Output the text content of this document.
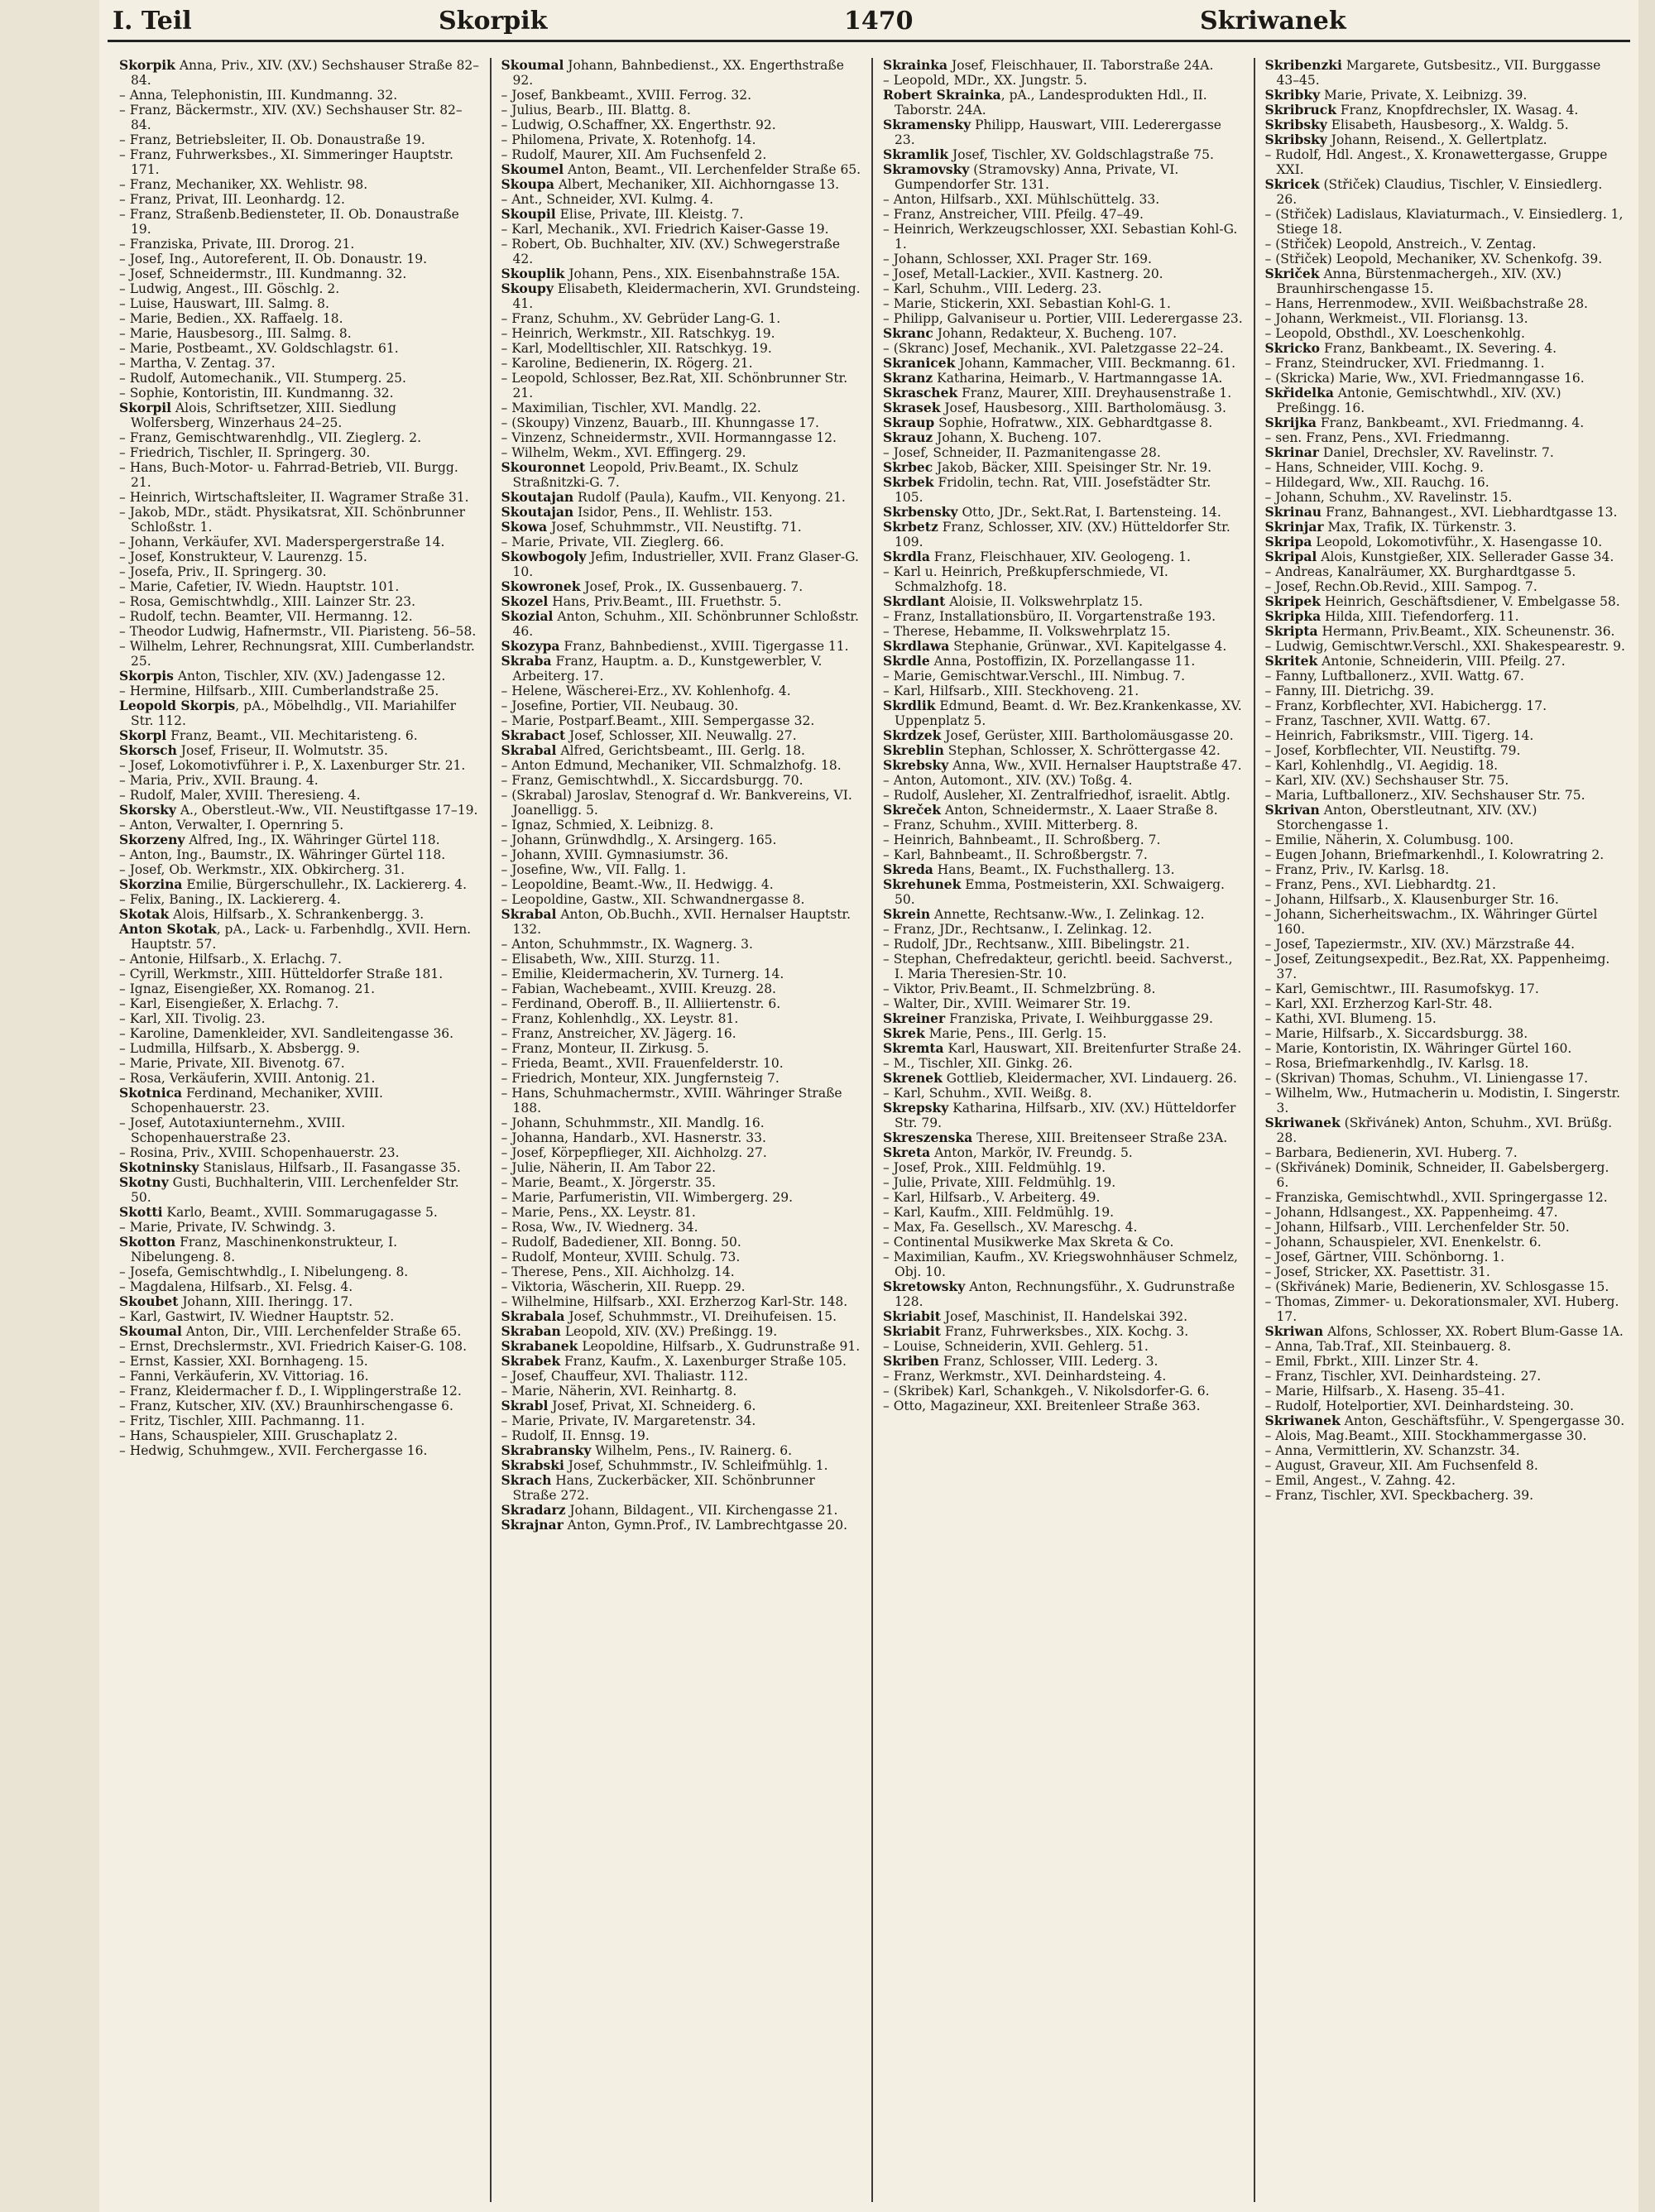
I. Teil	Skorpik	1470	Skriwanek

Skorpik Anna, Priv., XIV. (XV.) Sechshauser Straße 82–84.

– Anna, Telephonistin, III. Kundmanng. 32.

– Franz, Bäckermstr., XIV. (XV.) Sechshauser Str. 82–84.

– Franz, Betriebsleiter, II. Ob. Donaustraße 19.

– Franz, Fuhrwerksbes., XI. Simmeringer Hauptstr. 171.

– Franz, Mechaniker, XX. Wehlistr. 98.

– Franz, Privat, III. Leonhardg. 12.

– Franz, Straßenb.Bediensteter, II. Ob. Donaustraße 19.

– Franziska, Private, III. Drorog. 21.

– Josef, Ing., Autoreferent, II. Ob. Donaustr. 19.

– Josef, Schneidermstr., III. Kundmanng. 32.

– Ludwig, Angest., III. Göschlg. 2.

– Luise, Hauswart, III. Salmg. 8.

– Marie, Bedien., XX. Raffaelg. 18.

– Marie, Hausbesorg., III. Salmg. 8.

– Marie, Postbeamt., XV. Goldschlagstr. 61.

– Martha, V. Zentag. 37.

– Rudolf, Automechanik., VII. Stumperg. 25.

– Sophie, Kontoristin, III. Kundmanng. 32.

Skorpil Alois, Schriftsetzer, XIII. Siedlung Wolfersberg, Winzerhaus 24–25.

– Franz, Gemischtwarenhdlg., VII. Zieglerg. 2.

– Friedrich, Tischler, II. Springerg. 30.

– Hans, Buch-Motor- u. Fahrrad-Betrieb, VII. Burgg. 21.

– Heinrich, Wirtschaftsleiter, II. Wagramer Straße 31.

– Jakob, MDr., städt. Physikatsrat, XII. Schönbrunner Schloßstr. 1.

– Johann, Verkäufer, XVI. Maderspergerstraße 14.

– Josef, Konstrukteur, V. Laurenzg. 15.

– Josefa, Priv., II. Springerg. 30.

– Marie, Cafetier, IV. Wiedn. Hauptstr. 101.

– Rosa, Gemischtwhdlg., XIII. Lainzer Str. 23.

– Rudolf, techn. Beamter, VII. Hermanng. 12.

– Theodor Ludwig, Hafnermstr., VII. Piaristeng. 56–58.

– Wilhelm, Lehrer, Rechnungsrat, XIII. Cumberlandstr. 25.

Skorpis Anton, Tischler, XIV. (XV.) Jadengasse 12.

– Hermine, Hilfsarb., XIII. Cumberlandstraße 25.

Leopold Skorpis, pA., Möbelhdlg., VII. Mariahilfer Str. 112.

Skorpl Franz, Beamt., VII. Mechitaristeng. 6.

Skorsch Josef, Friseur, II. Wolmutstr. 35.

– Josef, Lokomotivführer i. P., X. Laxenburger Str. 21.

– Maria, Priv., XVII. Braung. 4.

– Rudolf, Maler, XVIII. Theresieng. 4.

Skorsky A., Oberstleut.-Ww., VII. Neustiftgasse 17–19.

– Anton, Verwalter, I. Opernring 5.

Skorzeny Alfred, Ing., IX. Währinger Gürtel 118.

– Anton, Ing., Baumstr., IX. Währinger Gürtel 118.

– Josef, Ob. Werkmstr., XIX. Obkircherg. 31.

Skorzina Emilie, Bürgerschullehr., IX. Lackiererg. 4.

– Felix, Baning., IX. Lackiererg. 4.

Skotak Alois, Hilfsarb., X. Schrankenbergg. 3.

Anton Skotak, pA., Lack- u. Farbenhdlg., XVII. Hern. Hauptstr. 57.

– Antonie, Hilfsarb., X. Erlachg. 7.

– Cyrill, Werkmstr., XIII. Hütteldorfer Straße 181.

– Ignaz, Eisengießer, XX. Romanog. 21.

– Karl, Eisengießer, X. Erlachg. 7.

– Karl, XII. Tivolig. 23.

– Karoline, Damenkleider, XVI. Sandleitengasse 36.

– Ludmilla, Hilfsarb., X. Absbergg. 9.

– Marie, Private, XII. Bivenotg. 67.

– Rosa, Verkäuferin, XVIII. Antonig. 21.

Skotnica Ferdinand, Mechaniker, XVIII. Schopenhauerstr. 23.

– Josef, Autotaxiunternehm., XVIII. Schopenhauerstraße 23.

– Rosina, Priv., XVIII. Schopenhauerstr. 23.

Skotninsky Stanislaus, Hilfsarb., II. Fasangasse 35.

Skotny Gusti, Buchhalterin, VIII. Lerchenfelder Str. 50.

Skotti Karlo, Beamt., XVIII. Sommarugagasse 5.

– Marie, Private, IV. Schwindg. 3.

Skotton Franz, Maschinenkonstrukteur, I. Nibelungeng. 8.

– Josefa, Gemischtwhdlg., I. Nibelungeng. 8.

– Magdalena, Hilfsarb., XI. Felsg. 4.

Skoubet Johann, XIII. Iheringg. 17.

– Karl, Gastwirt, IV. Wiedner Hauptstr. 52.

Skoumal Anton, Dir., VIII. Lerchenfelder Straße 65.

– Ernst, Drechslermstr., XVI. Friedrich Kaiser-G. 108.

– Ernst, Kassier, XXI. Bornhageng. 15.

– Fanni, Verkäuferin, XV. Vittoriag. 16.

– Franz, Kleidermacher f. D., I. Wipplingerstraße 12.

– Franz, Kutscher, XIV. (XV.) Braunhirschengasse 6.

– Fritz, Tischler, XIII. Pachmanng. 11.

– Hans, Schauspieler, XIII. Gruschaplatz 2.

– Hedwig, Schuhmgew., XVII. Ferchergasse 16.

Skoumal Johann, Bahnbedienst., XX. Engerthstraße 92.

– Josef, Bankbeamt., XVIII. Ferrog. 32.

– Julius, Bearb., III. Blattg. 8.

– Ludwig, O.Schaffner, XX. Engerthstr. 92.

– Philomena, Private, X. Rotenhofg. 14.

– Rudolf, Maurer, XII. Am Fuchsenfeld 2.

Skoumel Anton, Beamt., VII. Lerchenfelder Straße 65.

Skoupa Albert, Mechaniker, XII. Aichhorngasse 13.

– Ant., Schneider, XVI. Kulmg. 4.

Skoupil Elise, Private, III. Kleistg. 7.

– Karl, Mechanik., XVI. Friedrich Kaiser-Gasse 19.

– Robert, Ob. Buchhalter, XIV. (XV.) Schwegerstraße 42.

Skouplik Johann, Pens., XIX. Eisenbahnstraße 15A.

Skoupy Elisabeth, Kleidermacherin, XVI. Grundsteing. 41.

– Franz, Schuhm., XV. Gebrüder Lang-G. 1.

– Heinrich, Werkmstr., XII. Ratschkyg. 19.

– Karl, Modelltischler, XII. Ratschkyg. 19.

– Karoline, Bedienerin, IX. Rögerg. 21.

– Leopold, Schlosser, Bez.Rat, XII. Schönbrunner Str. 21.

– Maximilian, Tischler, XVI. Mandlg. 22.

– (Skoupy) Vinzenz, Bauarb., III. Khunngasse 17.

– Vinzenz, Schneidermstr., XVII. Hormanngasse 12.

– Wilhelm, Wekm., XVI. Effingerg. 29.

Skouronnet Leopold, Priv.Beamt., IX. Schulz Straßnitzki-G. 7.

Skoutajan Rudolf (Paula), Kaufm., VII. Kenyong. 21.

Skoutajan Isidor, Pens., II. Wehlistr. 153.

Skowa Josef, Schuhmmstr., VII. Neustiftg. 71.

– Marie, Private, VII. Zieglerg. 66.

Skowbogoly Jefim, Industrieller, XVII. Franz Glaser-G. 10.

Skowronek Josef, Prok., IX. Gussenbauerg. 7.

Skozel Hans, Priv.Beamt., III. Fruethstr. 5.

Skozial Anton, Schuhm., XII. Schönbrunner Schloßstr. 46.

Skozypa Franz, Bahnbedienst., XVIII. Tigergasse 11.

Skraba Franz, Hauptm. a. D., Kunstgewerbler, V. Arbeiterg. 17.

– Helene, Wäscherei-Erz., XV. Kohlenhofg. 4.

– Josefine, Portier, VII. Neubaug. 30.

– Marie, Postparf.Beamt., XIII. Sempergasse 32.

Skrabact Josef, Schlosser, XII. Neuwallg. 27.

Skrabal Alfred, Gerichtsbeamt., III. Gerlg. 18.

– Anton Edmund, Mechaniker, VII. Schmalzhofg. 18.

– Franz, Gemischtwhdl., X. Siccardsburgg. 70.

– (Skrabal) Jaroslav, Stenograf d. Wr. Bankvereins, VI. Joanelligg. 5.

– Ignaz, Schmied, X. Leibnizg. 8.

– Johann, Grünwdhdlg., X. Arsingerg. 165.

– Johann, XVIII. Gymnasiumstr. 36.

– Josefine, Ww., VII. Fallg. 1.

– Leopoldine, Beamt.-Ww., II. Hedwigg. 4.

– Leopoldine, Gastw., XII. Schwandnergasse 8.

Skrabal Anton, Ob.Buchh., XVII. Hernalser Hauptstr. 132.

– Anton, Schuhmmstr., IX. Wagnerg. 3.

– Elisabeth, Ww., XIII. Sturzg. 11.

– Emilie, Kleidermacherin, XV. Turnerg. 14.

– Fabian, Wachebeamt., XVIII. Kreuzg. 28.

– Ferdinand, Oberoff. B., II. Alliiertenstr. 6.

– Franz, Kohlenhdlg., XX. Leystr. 81.

– Franz, Anstreicher, XV. Jägerg. 16.

– Franz, Monteur, II. Zirkusg. 5.

– Frieda, Beamt., XVII. Frauenfelderstr. 10.

– Friedrich, Monteur, XIX. Jungfernsteig 7.

– Hans, Schuhmachermstr., XVIII. Währinger Straße 188.

– Johann, Schuhmmstr., XII. Mandlg. 16.

– Johanna, Handarb., XVI. Hasnerstr. 33.

– Josef, Körpepflieger, XII. Aichholzg. 27.

– Julie, Näherin, II. Am Tabor 22.

– Marie, Beamt., X. Jörgerstr. 35.

– Marie, Parfumeristin, VII. Wimbergerg. 29.

– Marie, Pens., XX. Leystr. 81.

– Rosa, Ww., IV. Wiednerg. 34.

– Rudolf, Badediener, XII. Bonng. 50.

– Rudolf, Monteur, XVIII. Schulg. 73.

– Therese, Pens., XII. Aichholzg. 14.

– Viktoria, Wäscherin, XII. Ruepp. 29.

– Wilhelmine, Hilfsarb., XXI. Erzherzog Karl-Str. 148.

Skrabala Josef, Schuhmmstr., VI. Dreihufeisen. 15.

Skraban Leopold, XIV. (XV.) Preßingg. 19.

Skrabanek Leopoldine, Hilfsarb., X. Gudrunstraße 91.

Skrabek Franz, Kaufm., X. Laxenburger Straße 105.

– Josef, Chauffeur, XVI. Thaliastr. 112.

– Marie, Näherin, XVI. Reinhartg. 8.

Skrabl Josef, Privat, XI. Schneiderg. 6.

– Marie, Private, IV. Margaretenstr. 34.

– Rudolf, II. Ennsg. 19.

Skrabransky Wilhelm, Pens., IV. Rainerg. 6.

Skrabski Josef, Schuhmmstr., IV. Schleifmühlg. 1.

Skrach Hans, Zuckerbäcker, XII. Schönbrunner Straße 272.

Skradarz Johann, Bildagent., VII. Kirchengasse 21.

Skrajnar Anton, Gymn.Prof., IV. Lambrechtgasse 20.

Skrainka Josef, Fleischhauer, II. Taborstraße 24A.

– Leopold, MDr., XX. Jungstr. 5.

Robert Skrainka, pA., Landesprodukten Hdl., II. Taborstr. 24A.

Skramensky Philipp, Hauswart, VIII. Lederergasse 23.

Skramlik Josef, Tischler, XV. Goldschlagstraße 75.

Skramovsky (Stramovsky) Anna, Private, VI. Gumpendorfer Str. 131.

– Anton, Hilfsarb., XXI. Mühlschüttelg. 33.

– Franz, Anstreicher, VIII. Pfeilg. 47–49.

– Heinrich, Werkzeugschlosser, XXI. Sebastian Kohl-G. 1.

– Johann, Schlosser, XXI. Prager Str. 169.

– Josef, Metall-Lackier., XVII. Kastnerg. 20.

– Karl, Schuhm., VIII. Lederg. 23.

– Marie, Stickerin, XXI. Sebastian Kohl-G. 1.

– Philipp, Galvaniseur u. Portier, VIII. Lederergasse 23.

Skranc Johann, Redakteur, X. Bucheng. 107.

– (Skranc) Josef, Mechanik., XVI. Paletzgasse 22–24.

Skranicek Johann, Kammacher, VIII. Beckmanng. 61.

Skranz Katharina, Heimarb., V. Hartmanngasse 1A.

Skraschek Franz, Maurer, XIII. Dreyhausenstraße 1.

Skrasek Josef, Hausbesorg., XIII. Bartholomäusg. 3.

Skraup Sophie, Hofratww., XIX. Gebhardtgasse 8.

Skrauz Johann, X. Bucheng. 107.

– Josef, Schneider, II. Pazmanitengasse 28.

Skrbec Jakob, Bäcker, XIII. Speisinger Str. Nr. 19.

Skrbek Fridolin, techn. Rat, VIII. Josefstädter Str. 105.

Skrbensky Otto, JDr., Sekt.Rat, I. Bartensteing. 14.

Skrbetz Franz, Schlosser, XIV. (XV.) Hütteldorfer Str. 109.

Skrdla Franz, Fleischhauer, XIV. Geologeng. 1.

– Karl u. Heinrich, Preßkupferschmiede, VI. Schmalzhofg. 18.

Skrdlant Aloisie, II. Volkswehrplatz 15.

– Franz, Installationsbüro, II. Vorgartenstraße 193.

– Therese, Hebamme, II. Volkswehrplatz 15.

Skrdlawa Stephanie, Grünwar., XVI. Kapitelgasse 4.

Skrdle Anna, Postoffizin, IX. Porzellangasse 11.

– Marie, Gemischtwar.Verschl., III. Nimbug. 7.

– Karl, Hilfsarb., XIII. Steckhoveng. 21.

Skrdlik Edmund, Beamt. d. Wr. Bez.Krankenkasse, XV. Uppenplatz 5.

Skrdzek Josef, Gerüster, XIII. Bartholomäusgasse 20.

Skreblin Stephan, Schlosser, X. Schröttergasse 42.

Skrebsky Anna, Ww., XVII. Hernalser Hauptstraße 47.

– Anton, Automont., XIV. (XV.) Toßg. 4.

– Rudolf, Ausleher, XI. Zentralfriedhof, israelit. Abtlg.

Skreček Anton, Schneidermstr., X. Laaer Straße 8.

– Franz, Schuhm., XVIII. Mitterberg. 8.

– Heinrich, Bahnbeamt., II. Schroßberg. 7.

– Karl, Bahnbeamt., II. Schroßbergstr. 7.

Skreda Hans, Beamt., IX. Fuchsthallerg. 13.

Skrehunek Emma, Postmeisterin, XXI. Schwaigerg. 50.

Skrein Annette, Rechtsanw.-Ww., I. Zelinkag. 12.

– Franz, JDr., Rechtsanw., I. Zelinkag. 12.

– Rudolf, JDr., Rechtsanw., XIII. Bibelingstr. 21.

– Stephan, Chefredakteur, gerichtl. beeid. Sachverst., I. Maria Theresien-Str. 10.

– Viktor, Priv.Beamt., II. Schmelzbrüng. 8.

– Walter, Dir., XVIII. Weimarer Str. 19.

Skreiner Franziska, Private, I. Weihburggasse 29.

Skrek Marie, Pens., III. Gerlg. 15.

Skremta Karl, Hauswart, XII. Breitenfurter Straße 24.

– M., Tischler, XII. Ginkg. 26.

Skrenek Gottlieb, Kleidermacher, XVI. Lindauerg. 26.

– Karl, Schuhm., XVII. Weißg. 8.

Skrepsky Katharina, Hilfsarb., XIV. (XV.) Hütteldorfer Str. 79.

Skreszenska Therese, XIII. Breitenseer Straße 23A.

Skreta Anton, Markör, IV. Freundg. 5.

– Josef, Prok., XIII. Feldmühlg. 19.

– Julie, Private, XIII. Feldmühlg. 19.

– Karl, Hilfsarb., V. Arbeiterg. 49.

– Karl, Kaufm., XIII. Feldmühlg. 19.

– Max, Fa. Gesellsch., XV. Mareschg. 4.

– Continental Musikwerke Max Skreta & Co.

– Maximilian, Kaufm., XV. Kriegswohnhäuser Schmelz, Obj. 10.

Skretowsky Anton, Rechnungsführ., X. Gudrunstraße 128.

Skriabit Josef, Maschinist, II. Handelskai 392.

Skriabit Franz, Fuhrwerksbes., XIX. Kochg. 3.

– Louise, Schneiderin, XVII. Gehlerg. 51.

Skriben Franz, Schlosser, VIII. Lederg. 3.

– Franz, Werkmstr., XVI. Deinhardsteing. 4.

– (Skribek) Karl, Schankgeh., V. Nikolsdorfer-G. 6.

– Otto, Magazineur, XXI. Breitenleer Straße 363.

Skribenzki Margarete, Gutsbesitz., VII. Burggasse 43–45.

Skribky Marie, Private, X. Leibnizg. 39.

Skribruck Franz, Knopfdrechsler, IX. Wasag. 4.

Skribsky Elisabeth, Hausbesorg., X. Waldg. 5.

Skribsky Johann, Reisend., X. Gellertplatz.

– Rudolf, Hdl. Angest., X. Kronawettergasse, Gruppe XXI.

Skricek (Střiček) Claudius, Tischler, V. Einsiedlerg. 26.

– (Střiček) Ladislaus, Klaviaturmach., V. Einsiedlerg. 1, Stiege 18.

– (Střiček) Leopold, Anstreich., V. Zentag.

– (Střiček) Leopold, Mechaniker, XV. Schenkofg. 39.

Skriček Anna, Bürstenmachergeh., XIV. (XV.) Braunhirschengasse 15.

– Hans, Herrenmodew., XVII. Weißbachstraße 28.

– Johann, Werkmeist., VII. Floriansg. 13.

– Leopold, Obsthdl., XV. Loeschenkohlg.

Skricko Franz, Bankbeamt., IX. Severing. 4.

– Franz, Steindrucker, XVI. Friedmanng. 1.

– (Skricka) Marie, Ww., XVI. Friedmanngasse 16.

Skřidelka Antonie, Gemischtwhdl., XIV. (XV.) Preßingg. 16.

Skrijka Franz, Bankbeamt., XVI. Friedmanng. 4.

– sen. Franz, Pens., XVI. Friedmanng.

Skrinar Daniel, Drechsler, XV. Ravelinstr. 7.

– Hans, Schneider, VIII. Kochg. 9.

– Hildegard, Ww., XII. Rauchg. 16.

– Johann, Schuhm., XV. Ravelinstr. 15.

Skrinau Franz, Bahnangest., XVI. Liebhardtgasse 13.

Skrinjar Max, Trafik, IX. Türkenstr. 3.

Skripa Leopold, Lokomotivführ., X. Hasengasse 10.

Skripal Alois, Kunstgießer, XIX. Sellerader Gasse 34.

– Andreas, Kanalräumer, XX. Burghardtgasse 5.

– Josef, Rechn.Ob.Revid., XIII. Sampog. 7.

Skripek Heinrich, Geschäftsdiener, V. Embelgasse 58.

Skripka Hilda, XIII. Tiefendorferg. 11.

Skripta Hermann, Priv.Beamt., XIX. Scheunenstr. 36.

– Ludwig, Gemischtwr.Verschl., XXI. Shakespearestr. 9.

Skritek Antonie, Schneiderin, VIII. Pfeilg. 27.

– Fanny, Luftballonerz., XVII. Wattg. 67.

– Fanny, III. Dietrichg. 39.

– Franz, Korbflechter, XVI. Habichergg. 17.

– Franz, Taschner, XVII. Wattg. 67.

– Heinrich, Fabriksmstr., VIII. Tigerg. 14.

– Josef, Korbflechter, VII. Neustiftg. 79.

– Karl, Kohlenhdlg., VI. Aegidig. 18.

– Karl, XIV. (XV.) Sechshauser Str. 75.

– Maria, Luftballonerz., XIV. Sechshauser Str. 75.

Skrivan Anton, Oberstleutnant, XIV. (XV.) Storchengasse 1.

– Emilie, Näherin, X. Columbusg. 100.

– Eugen Johann, Briefmarkenhdl., I. Kolowratring 2.

– Franz, Priv., IV. Karlsg. 18.

– Franz, Pens., XVI. Liebhardtg. 21.

– Johann, Hilfsarb., X. Klausenburger Str. 16.

– Johann, Sicherheitswachm., IX. Währinger Gürtel 160.

– Josef, Tapeziermstr., XIV. (XV.) Märzstraße 44.

– Josef, Zeitungsexpedit., Bez.Rat, XX. Pappenheimg. 37.

– Karl, Gemischtwr., III. Rasumofskyg. 17.

– Karl, XXI. Erzherzog Karl-Str. 48.

– Kathi, XVI. Blumeng. 15.

– Marie, Hilfsarb., X. Siccardsburgg. 38.

– Marie, Kontoristin, IX. Währinger Gürtel 160.

– Rosa, Briefmarkenhdlg., IV. Karlsg. 18.

– (Skrivan) Thomas, Schuhm., VI. Liniengasse 17.

– Wilhelm, Ww., Hutmacherin u. Modistin, I. Singerstr. 3.

Skriwanek (Skřivánek) Anton, Schuhm., XVI. Brüßg. 28.

– Barbara, Bedienerin, XVI. Huberg. 7.

– (Skřivánek) Dominik, Schneider, II. Gabelsbergerg. 6.

– Franziska, Gemischtwhdl., XVII. Springergasse 12.

– Johann, Hdlsangest., XX. Pappenheimg. 47.

– Johann, Hilfsarb., VIII. Lerchenfelder Str. 50.

– Johann, Schauspieler, XVI. Enenkelstr. 6.

– Josef, Gärtner, VIII. Schönborng. 1.

– Josef, Stricker, XX. Pasettistr. 31.

– (Skřivánek) Marie, Bedienerin, XV. Schlosgasse 15.

– Thomas, Zimmer- u. Dekorationsmaler, XVI. Huberg. 17.

Skriwan Alfons, Schlosser, XX. Robert Blum-Gasse 1A.

– Anna, Tab.Traf., XII. Steinbauerg. 8.

– Emil, Fbrkt., XIII. Linzer Str. 4.

– Franz, Tischler, XVI. Deinhardsteing. 27.

– Marie, Hilfsarb., X. Haseng. 35–41.

– Rudolf, Hotelportier, XVI. Deinhardsteing. 30.

Skriwanek Anton, Geschäftsführ., V. Spengergasse 30.

– Alois, Mag.Beamt., XIII. Stockhammergasse 30.

– Anna, Vermittlerin, XV. Schanzstr. 34.

– August, Graveur, XII. Am Fuchsenfeld 8.

– Emil, Angest., V. Zahng. 42.

– Franz, Tischler, XVI. Speckbacherg. 39.
